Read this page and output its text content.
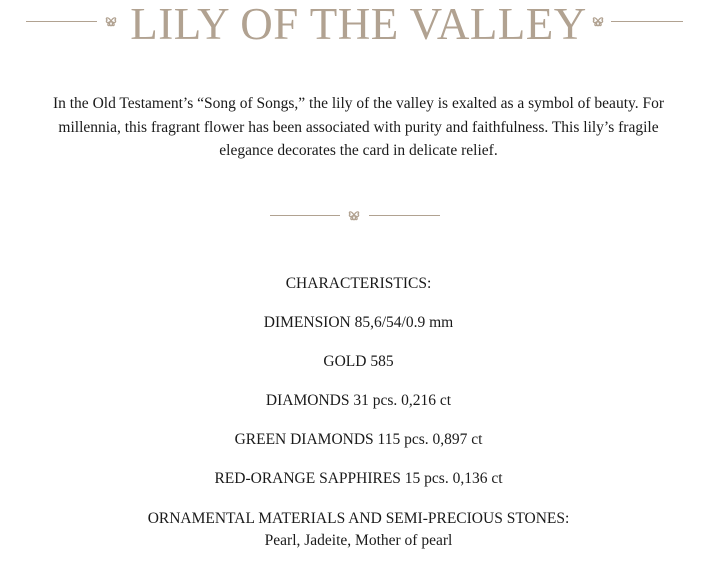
LILY OF THE VALLEY
In the Old Testament’s “Song of Songs,” the lily of the valley is exalted as a symbol of beauty. For millennia, this fragrant flower has been associated with purity and faithfulness. This lily’s fragile elegance decorates the card in delicate relief.
CHARACTERISTICS:
DIMENSION 85,6/54/0.9 mm
GOLD 585
DIAMONDS 31 pcs. 0,216 ct
GREEN DIAMONDS 115 pcs. 0,897 ct
RED-ORANGE SAPPHIRES 15 pcs. 0,136 ct
ORNAMENTAL MATERIALS AND SEMI-PRECIOUS STONES:
Pearl, Jadeite, Mother of pearl
